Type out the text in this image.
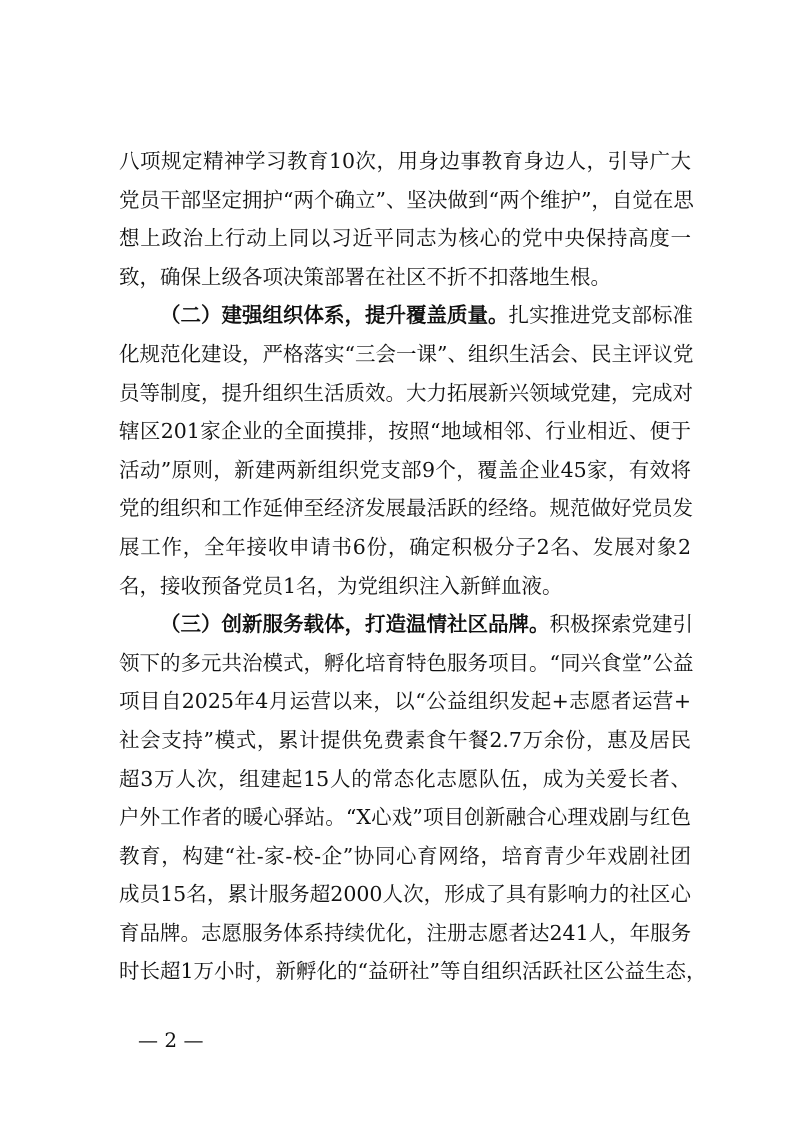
八项规定精神学习教育10次，用身边事教育身边人，引导广大
党员干部坚定拥护“两个确立”、坚决做到“两个维护”，自觉在思
想上政治上行动上同以习近平同志为核心的党中央保持高度一
致，确保上级各项决策部署在社区不折不扣落地生根。
（二）建强组织体系，提升覆盖质量。扎实推进党支部标准
化规范化建设，严格落实“三会一课”、组织生活会、民主评议党
员等制度，提升组织生活质效。大力拓展新兴领域党建，完成对
辖区201家企业的全面摸排，按照“地域相邻、行业相近、便于
活动”原则，新建两新组织党支部9个，覆盖企业45家，有效将
党的组织和工作延伸至经济发展最活跃的经络。规范做好党员发
展工作，全年接收申请书6份，确定积极分子2名、发展对象2
名，接收预备党员1名，为党组织注入新鲜血液。
（三）创新服务载体，打造温情社区品牌。积极探索党建引
领下的多元共治模式，孵化培育特色服务项目。“同兴食堂”公益
项目自2025年4月运营以来，以“公益组织发起+志愿者运营+
社会支持”模式，累计提供免费素食午餐2.7万余份，惠及居民
超3万人次，组建起15人的常态化志愿队伍，成为关爱长者、
户外工作者的暖心驿站。“X心戏”项目创新融合心理戏剧与红色
教育，构建“社-家-校-企”协同心育网络，培育青少年戏剧社团
成员15名，累计服务超2000人次，形成了具有影响力的社区心
育品牌。志愿服务体系持续优化，注册志愿者达241人，年服务
时长超1万小时，新孵化的“益研社”等自组织活跃社区公益生态，
— 2 —
